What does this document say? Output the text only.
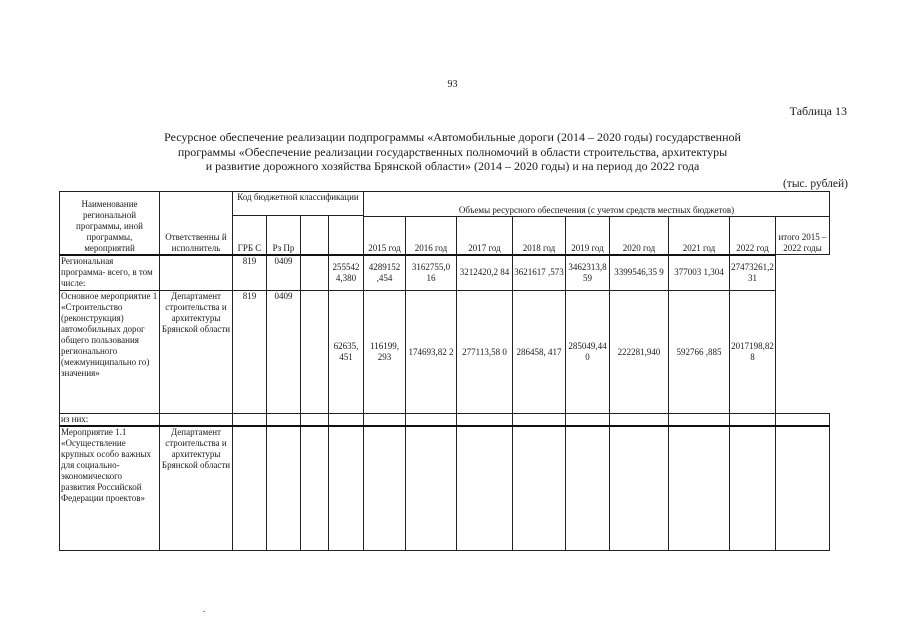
93
Таблица 13
Ресурсное обеспечение реализации подпрограммы «Автомобильные дороги (2014 – 2020 годы) государственной
программы «Обеспечение реализации государственных полномочий в области строительства, архитектуры
и развитие дорожного хозяйства Брянской области» (2014 – 2020 годы) и на период до 2022 года
(тыс. рублей)
Наименование региональной программы, иной программы, мероприятий	Ответственны й исполнитель	Код бюджетной классификации				Объемы ресурсного обеспечения (с учетом средств местных бюджетов)								
		ГРБ С	Рз Пр											
						2015 год	2016 год	2017 год	2018 год	2019 год	2020 год	2021 год	2022 год	итого 2015 – 2022 годы
Региональная программа- всего, в том числе:		819	0409		255542 4,380	4289152 ,454	3162755,0 16	3212420,2 84	3621617 ,573	3462313,8 59	3399546,35 9	377003 1,304	27473261,2 31	
Основное мероприятие 1 «Строительство (реконструкция) автомобильных дорог общего пользования регионального (межмуниципально го) значения»	Департамент строительства и архитектуры Брянской области	819	0409		62635, 451	116199, 293	174693,82 2	277113,58 0	286458, 417	285049,44 0	222281,940	592766 ,885	2017198,82 8	
из них:														
Мероприятие 1.1 «Осуществление крупных особо важных для социально-экономического развития Российской Федерации проектов»	Департамент строительства и архитектуры Брянской области													
.
